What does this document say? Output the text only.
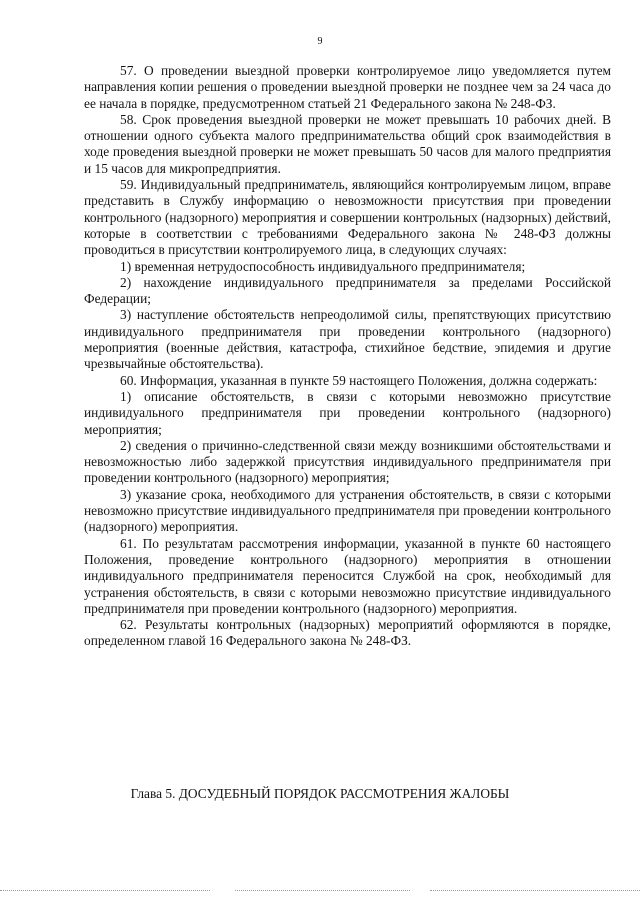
9

57. О проведении выездной проверки контролируемое лицо уведомляется путем направления копии решения о проведении выездной проверки не позднее чем за 24 часа до ее начала в порядке, предусмотренном статьей 21 Федерального закона № 248-ФЗ.

58. Срок проведения выездной проверки не может превышать 10 рабочих дней. В отношении одного субъекта малого предпринимательства общий срок взаимодействия в ходе проведения выездной проверки не может превышать 50 часов для малого предприятия и 15 часов для микропредприятия.

59. Индивидуальный предприниматель, являющийся контролируемым лицом, вправе представить в Службу информацию о невозможности присутствия при проведении контрольного (надзорного) мероприятия и совершении контрольных (надзорных) действий, которые в соответствии с требованиями Федерального закона № 248-ФЗ должны проводиться в присутствии контролируемого лица, в следующих случаях:

1) временная нетрудоспособность индивидуального предпринимателя;

2) нахождение индивидуального предпринимателя за пределами Российской Федерации;

3) наступление обстоятельств непреодолимой силы, препятствующих присутствию индивидуального предпринимателя при проведении контрольного (надзорного) мероприятия (военные действия, катастрофа, стихийное бедствие, эпидемия и другие чрезвычайные обстоятельства).

60. Информация, указанная в пункте 59 настоящего Положения, должна содержать:

1) описание обстоятельств, в связи с которыми невозможно присутствие индивидуального предпринимателя при проведении контрольного (надзорного) мероприятия;

2) сведения о причинно-следственной связи между возникшими обстоятельствами и невозможностью либо задержкой присутствия индивидуального предпринимателя при проведении контрольного (надзорного) мероприятия;

3) указание срока, необходимого для устранения обстоятельств, в связи с которыми невозможно присутствие индивидуального предпринимателя при проведении контрольного (надзорного) мероприятия.

61. По результатам рассмотрения информации, указанной в пункте 60 настоящего Положения, проведение контрольного (надзорного) мероприятия в отношении индивидуального предпринимателя переносится Службой на срок, необходимый для устранения обстоятельств, в связи с которыми невозможно присутствие индивидуального предпринимателя при проведении контрольного (надзорного) мероприятия.

62. Результаты контрольных (надзорных) мероприятий оформляются в порядке, определенном главой 16 Федерального закона № 248-ФЗ.

Глава 5. ДОСУДЕБНЫЙ ПОРЯДОК РАССМОТРЕНИЯ ЖАЛОБЫ
